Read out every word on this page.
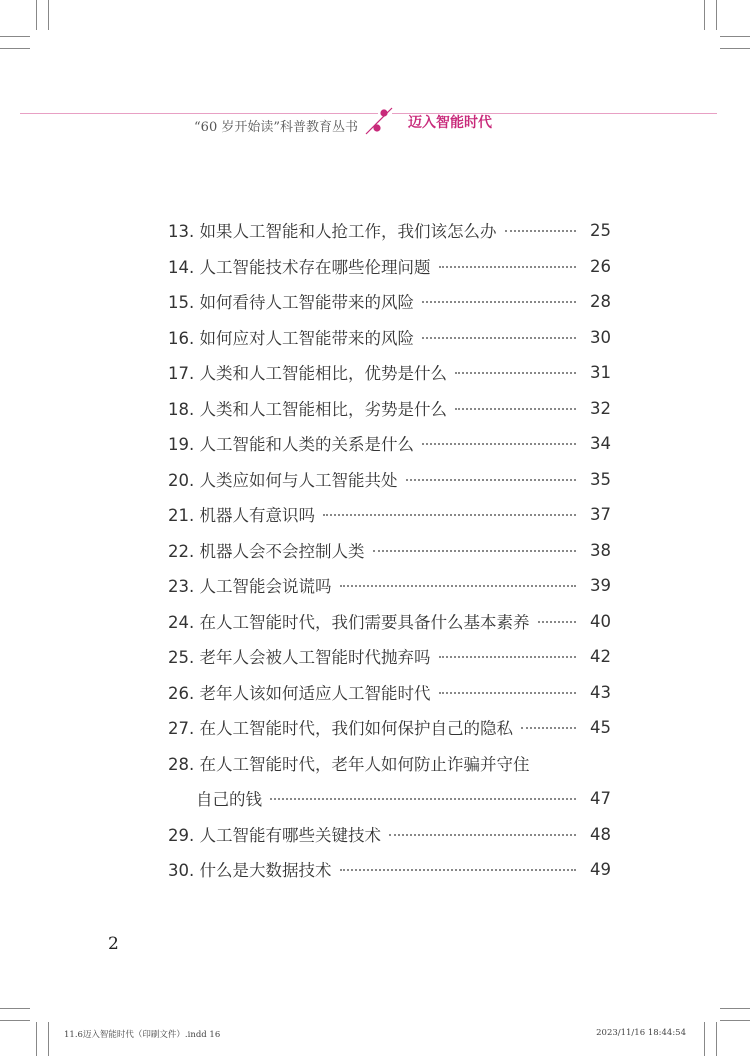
“60 岁开始读”科普教育丛书	迈入智能时代
13. 如果人工智能和人抢工作，我们该怎么办	25
14. 人工智能技术存在哪些伦理问题	26
15. 如何看待人工智能带来的风险	28
16. 如何应对人工智能带来的风险	30
17. 人类和人工智能相比，优势是什么	31
18. 人类和人工智能相比，劣势是什么	32
19. 人工智能和人类的关系是什么	34
20. 人类应如何与人工智能共处	35
21. 机器人有意识吗	37
22. 机器人会不会控制人类	38
23. 人工智能会说谎吗	39
24. 在人工智能时代，我们需要具备什么基本素养	40
25. 老年人会被人工智能时代抛弃吗	42
26. 老年人该如何适应人工智能时代	43
27. 在人工智能时代，我们如何保护自己的隐私	45
28. 在人工智能时代，老年人如何防止诈骗并守住
自己的钱	47
29. 人工智能有哪些关键技术	48
30. 什么是大数据技术	49
2
11.6迈入智能时代（印刷文件）.indd 16	2023/11/16 18:44:54
